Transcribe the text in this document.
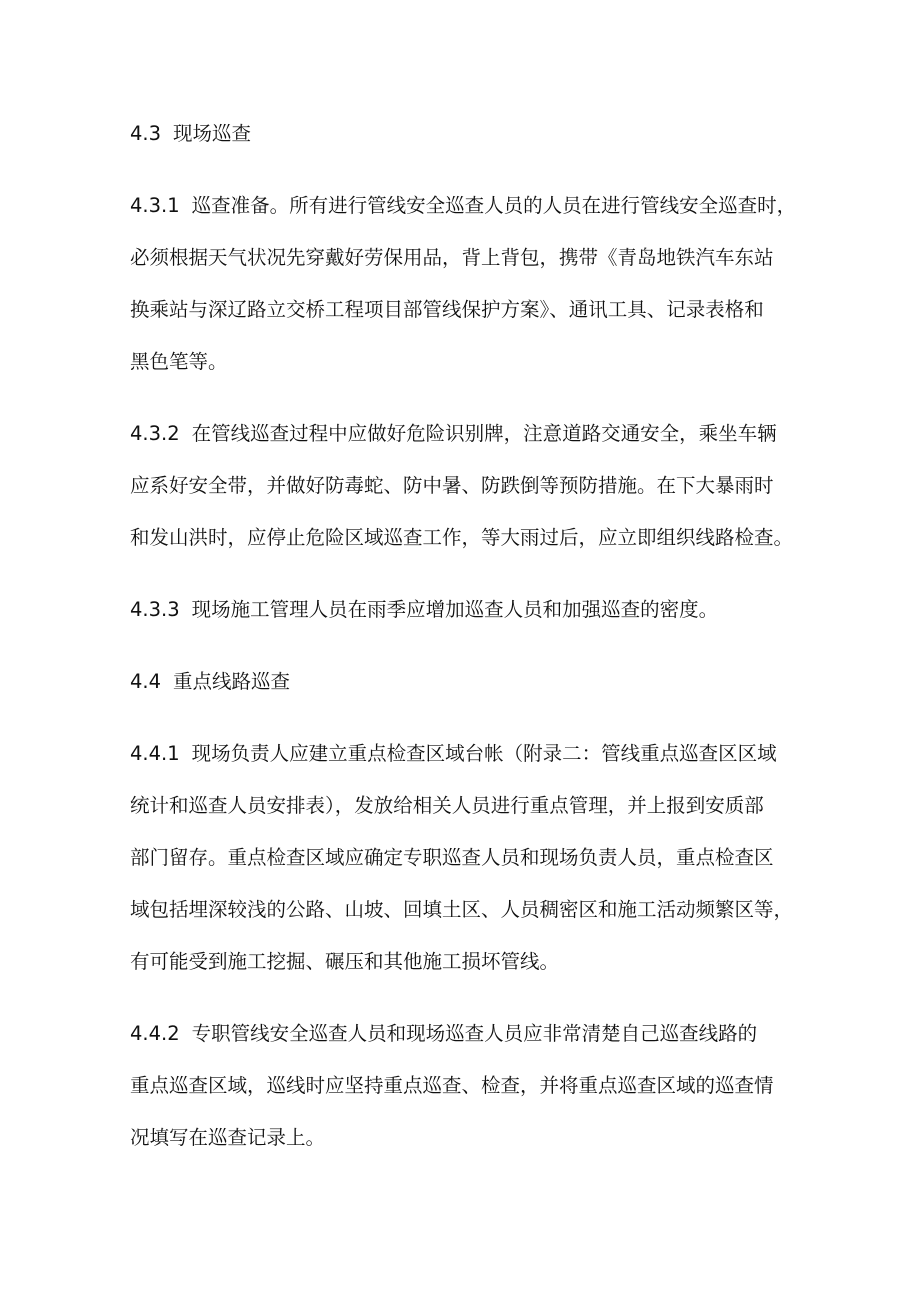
4.3 现场巡查
4.3.1 巡查准备。所有进行管线安全巡查人员的人员在进行管线安全巡查时，
必须根据天气状况先穿戴好劳保用品，背上背包，携带《青岛地铁汽车东站
换乘站与深辽路立交桥工程项目部管线保护方案》、通讯工具、记录表格和
黑色笔等。
4.3.2 在管线巡查过程中应做好危险识别牌，注意道路交通安全，乘坐车辆
应系好安全带，并做好防毒蛇、防中暑、防跌倒等预防措施。在下大暴雨时
和发山洪时，应停止危险区域巡查工作，等大雨过后，应立即组织线路检查。
4.3.3 现场施工管理人员在雨季应增加巡查人员和加强巡查的密度。
4.4 重点线路巡查
4.4.1 现场负责人应建立重点检查区域台帐（附录二：管线重点巡查区区域
统计和巡查人员安排表），发放给相关人员进行重点管理，并上报到安质部
部门留存。重点检查区域应确定专职巡查人员和现场负责人员，重点检查区
域包括埋深较浅的公路、山坡、回填土区、人员稠密区和施工活动频繁区等，
有可能受到施工挖掘、碾压和其他施工损坏管线。
4.4.2 专职管线安全巡查人员和现场巡查人员应非常清楚自己巡查线路的
重点巡查区域，巡线时应坚持重点巡查、检查，并将重点巡查区域的巡查情
况填写在巡查记录上。
